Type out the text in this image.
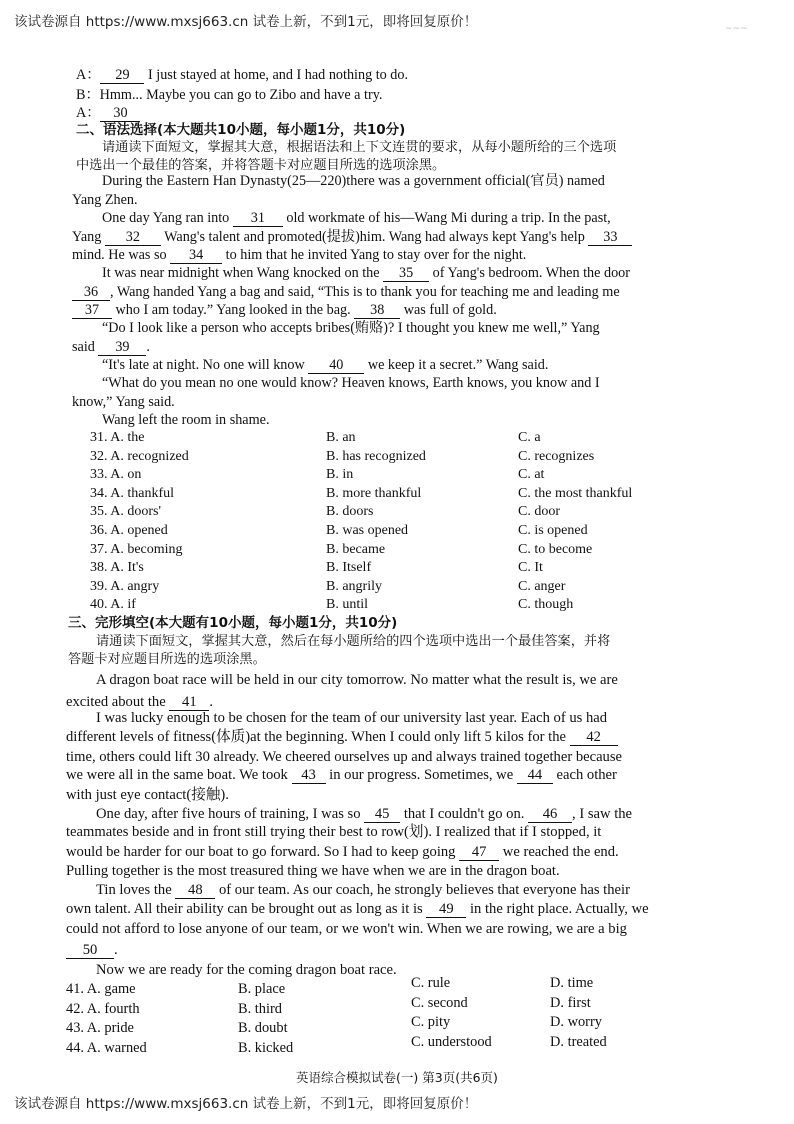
该试卷源自 https://www.mxsj663.cn 试卷上新，不到1元，即将回复原价！	~~~
A： 29 I just stayed at home, and I had nothing to do.
B：Hmm... Maybe you can go to Zibo and have a try.
A： 30
二、语法选择(本大题共10小题，每小题1分，共10分)
请通读下面短文，掌握其大意，根据语法和上下文连贯的要求，从每小题所给的三个选项
中选出一个最佳的答案，并将答题卡对应题目所选的选项涂黑。
During the Eastern Han Dynasty(25—220)there was a government official(官员) named
Yang Zhen.
One day Yang ran into 31 old workmate of his—Wang Mi during a trip. In the past,
Yang 32 Wang's talent and promoted(提拔)him. Wang had always kept Yang's help 33
mind. He was so 34 to him that he invited Yang to stay over for the night.
It was near midnight when Wang knocked on the 35 of Yang's bedroom. When the door
36 , Wang handed Yang a bag and said, “This is to thank you for teaching me and leading me
37 who I am today.” Yang looked in the bag. 38 was full of gold.
“Do I look like a person who accepts bribes(贿赂)? I thought you knew me well,” Yang
said 39 .
“It's late at night. No one will know 40 we keep it a secret.” Wang said.
“What do you mean no one would know? Heaven knows, Earth knows, you know and I
know,” Yang said.
Wang left the room in shame.
31. A. the	B. an	C. a
32. A. recognized	B. has recognized	C. recognizes
33. A. on	B. in	C. at
34. A. thankful	B. more thankful	C. the most thankful
35. A. doors'	B. doors	C. door
36. A. opened	B. was opened	C. is opened
37. A. becoming	B. became	C. to become
38. A. It's	B. Itself	C. It
39. A. angry	B. angrily	C. anger
40. A. if	B. until	C. though
三、完形填空(本大题有10小题，每小题1分，共10分)
请通读下面短文，掌握其大意，然后在每小题所给的四个选项中选出一个最佳答案，并将
答题卡对应题目所选的选项涂黑。
A dragon boat race will be held in our city tomorrow. No matter what the result is, we are
excited about the 41 .
I was lucky enough to be chosen for the team of our university last year. Each of us had
different levels of fitness(体质)at the beginning. When I could only lift 5 kilos for the 42
time, others could lift 30 already. We cheered ourselves up and always trained together because
we were all in the same boat. We took 43 in our progress. Sometimes, we 44 each other
with just eye contact(接触).
One day, after five hours of training, I was so 45 that I couldn't go on. 46 , I saw the
teammates beside and in front still trying their best to row(划). I realized that if I stopped, it
would be harder for our boat to go forward. So I had to keep going 47 we reached the end.
Pulling together is the most treasured thing we have when we are in the dragon boat.
Tin loves the 48 of our team. As our coach, he strongly believes that everyone has their
own talent. All their ability can be brought out as long as it is 49 in the right place. Actually, we
could not afford to lose anyone of our team, or we won't win. When we are rowing, we are a big
50 .
Now we are ready for the coming dragon boat race.
41. A. game	B. place	C. rule	D. time
42. A. fourth	B. third	C. second	D. first
43. A. pride	B. doubt	C. pity	D. worry
44. A. warned	B. kicked	C. understood	D. treated
英语综合模拟试卷(一) 第3页(共6页)
该试卷源自 https://www.mxsj663.cn 试卷上新，不到1元，即将回复原价！
